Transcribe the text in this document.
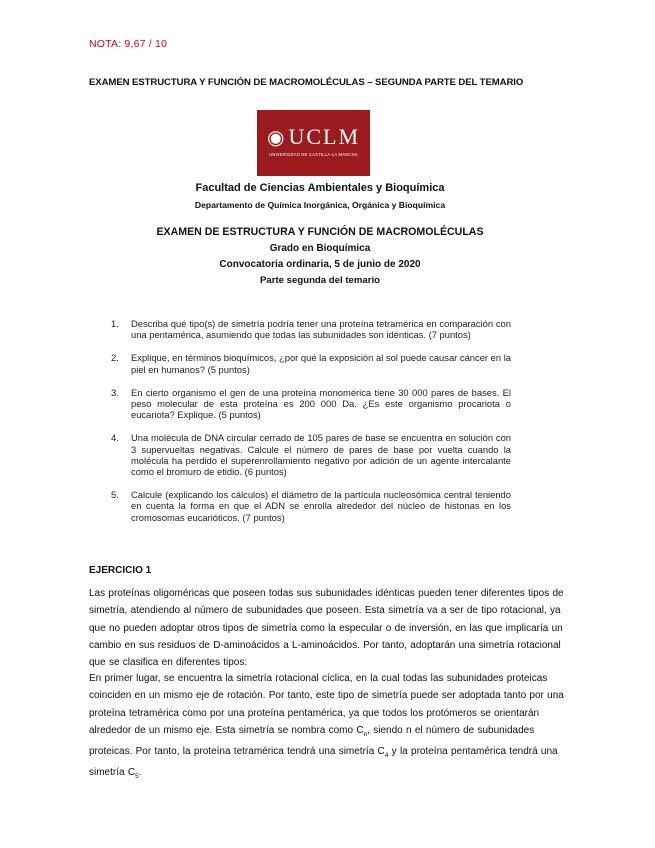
NOTA: 9,67 / 10
EXAMEN ESTRUCTURA Y FUNCIÓN DE MACROMOLÉCULAS – SEGUNDA PARTE DEL TEMARIO
◉UCLM
UNIVERSIDAD DE CASTILLA-LA MANCHA
Facultad de Ciencias Ambientales y Bioquímica
Departamento de Química Inorgánica, Orgánica y Bioquímica
EXAMEN DE ESTRUCTURA Y FUNCIÓN DE MACROMOLÉCULAS
Grado en Bioquímica
Convocatoria ordinaria, 5 de junio de 2020
Parte segunda del temario
1. Describa qué tipo(s) de simetría podría tener una proteína tetramérica en comparación con una pentamérica, asumiendo que todas las subunidades son idénticas. (7 puntos)
2. Explique, en términos bioquímicos, ¿por qué la exposición al sol puede causar cáncer en la piel en humanos? (5 puntos)
3. En cierto organismo el gen de una proteína monomérica tiene 30 000 pares de bases. El peso molecular de esta proteína es 200 000 Da. ¿Es este organismo procariota o eucariota? Explique. (5 puntos)
4. Una molécula de DNA circular cerrado de 105 pares de base se encuentra en solución con 3 supervueltas negativas. Calcule el número de pares de base por vuelta cuando la molécula ha perdido el superenrollamiento negativo por adición de un agente intercalante como el bromuro de etidio. (6 puntos)
5. Calcule (explicando los cálculos) el diámetro de la partícula nucleosómica central teniendo en cuenta la forma en que el ADN se enrolla alrededor del núcleo de histonas en los cromosomas eucarióticos. (7 puntos)
EJERCICIO 1
Las proteínas oligoméricas que poseen todas sus subunidades idénticas pueden tener diferentes tipos de simetría, atendiendo al número de subunidades que poseen. Esta simetría va a ser de tipo rotacional, ya que no pueden adoptar otros tipos de simetría como la especular o de inversión, en las que implicaría un cambio en sus residuos de D-aminoácidos a L-aminoácidos. Por tanto, adoptarán una simetría rotacional que se clasifica en diferentes tipos:
En primer lugar, se encuentra la simetría rotacional cíclica, en la cual todas las subunidades proteicas coinciden en un mismo eje de rotación. Por tanto, este tipo de simetría puede ser adoptada tanto por una proteína tetramérica como por una proteína pentamérica, ya que todos los protómeros se orientarán alrededor de un mismo eje. Esta simetría se nombra como $C_n$, siendo n el número de subunidades proteicas. Por tanto, la proteína tetramérica tendrá una simetría $C_4$ y la proteína pentamérica tendrá una simetría $C_5$.
